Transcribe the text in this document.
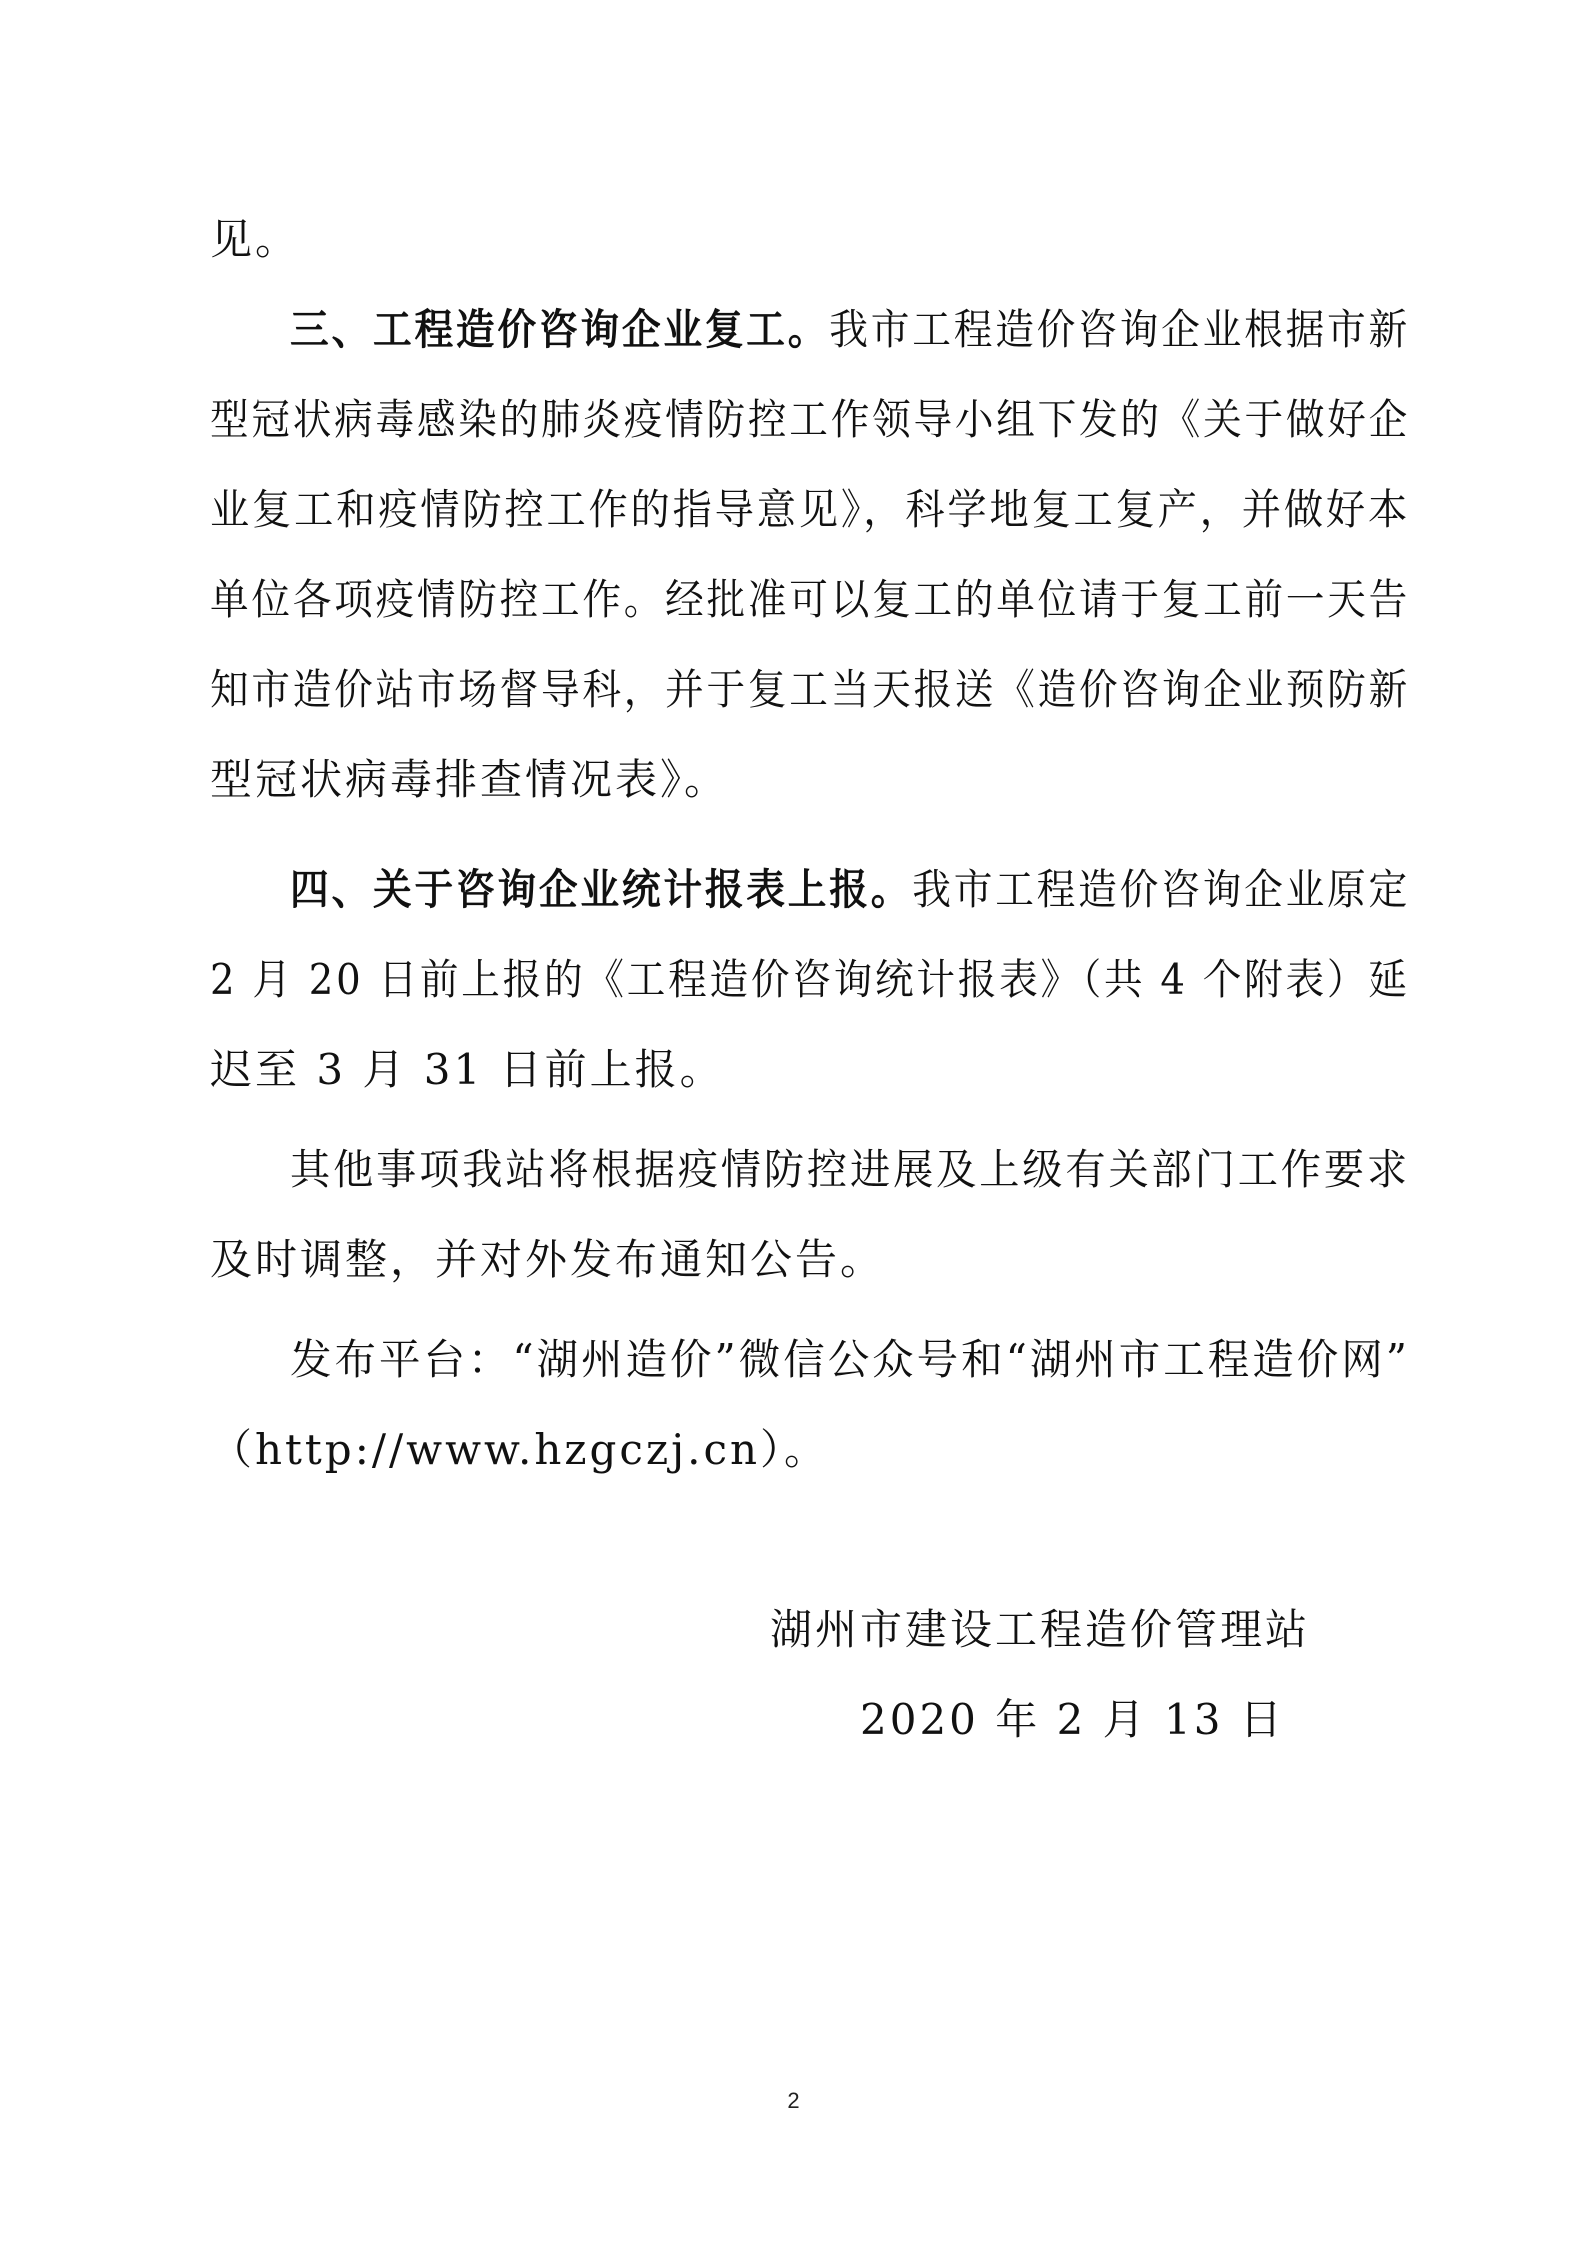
见。
三、工程造价咨询企业复工。我市工程造价咨询企业根据市新
型冠状病毒感染的肺炎疫情防控工作领导小组下发的《关于做好企
业复工和疫情防控工作的指导意见》，科学地复工复产，并做好本
单位各项疫情防控工作。经批准可以复工的单位请于复工前一天告
知市造价站市场督导科，并于复工当天报送《造价咨询企业预防新
型冠状病毒排查情况表》。
四、关于咨询企业统计报表上报。我市工程造价咨询企业原定
2 月 20 日前上报的《工程造价咨询统计报表》（共 4 个附表）延
迟至 3 月 31 日前上报。
其他事项我站将根据疫情防控进展及上级有关部门工作要求
及时调整，并对外发布通知公告。
发布平台：“湖州造价”微信公众号和“湖州市工程造价网”
（http://www.hzgczj.cn）。
湖州市建设工程造价管理站
2020 年 2 月 13 日
2
